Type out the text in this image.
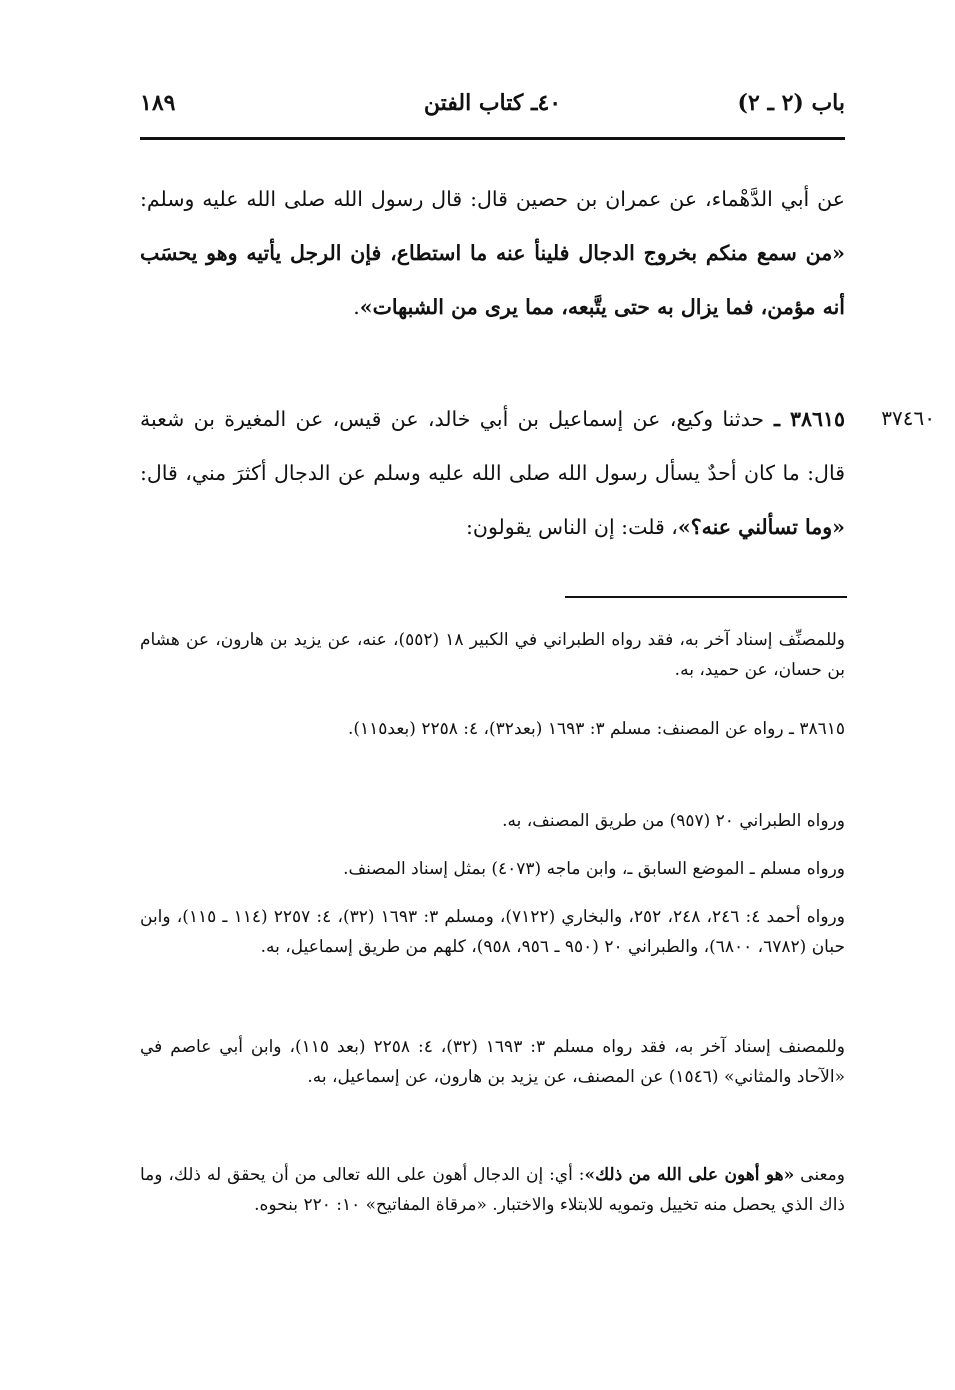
باب (٢ ـ ٢)
٤٠ـ كتاب الفتن
١٨٩
عن أبي الدَّهْماء، عن عمران بن حصين قال: قال رسول الله صلى الله عليه وسلم: «من سمع منكم بخروج الدجال فلينأ عنه ما استطاع، فإن الرجل يأتيه وهو يحسَب أنه مؤمن، فما يزال به حتى يتَّبعه، مما يرى من الشبهات».
٣٧٤٦٠
٣٨٦١٥ ـ حدثنا وكيع، عن إسماعيل بن أبي خالد، عن قيس، عن المغيرة بن شعبة قال: ما كان أحدٌ يسأل رسول الله صلى الله عليه وسلم عن الدجال أكثرَ مني، قال: «وما تسألني عنه؟»، قلت: إن الناس يقولون:
وللمصنِّف إسناد آخر به، فقد رواه الطبراني في الكبير ١٨ (٥٥٢)، عنه، عن يزيد بن هارون، عن هشام بن حسان، عن حميد، به.
٣٨٦١٥ ـ رواه عن المصنف: مسلم ٣: ١٦٩٣ (بعد٣٢)، ٤: ٢٢٥٨ (بعد١١٥).
ورواه الطبراني ٢٠ (٩٥٧) من طريق المصنف، به.
ورواه مسلم ـ الموضع السابق ـ، وابن ماجه (٤٠٧٣) بمثل إسناد المصنف.
ورواه أحمد ٤: ٢٤٦، ٢٤٨، ٢٥٢، والبخاري (٧١٢٢)، ومسلم ٣: ١٦٩٣ (٣٢)، ٤: ٢٢٥٧ (١١٤ ـ ١١٥)، وابن حبان (٦٧٨٢، ٦٨٠٠)، والطبراني ٢٠ (٩٥٠ ـ ٩٥٦، ٩٥٨)، كلهم من طريق إسماعيل، به.
وللمصنف إسناد آخر به، فقد رواه مسلم ٣: ١٦٩٣ (٣٢)، ٤: ٢٢٥٨ (بعد ١١٥)، وابن أبي عاصم في «الآحاد والمثاني» (١٥٤٦) عن المصنف، عن يزيد بن هارون، عن إسماعيل، به.
ومعنى «هو أهون على الله من ذلك»: أي: إن الدجال أهون على الله تعالى من أن يحقق له ذلك، وما ذاك الذي يحصل منه تخييل وتمويه للابتلاء والاختبار. «مرقاة المفاتيح» ١٠: ٢٢٠ بنحوه.
